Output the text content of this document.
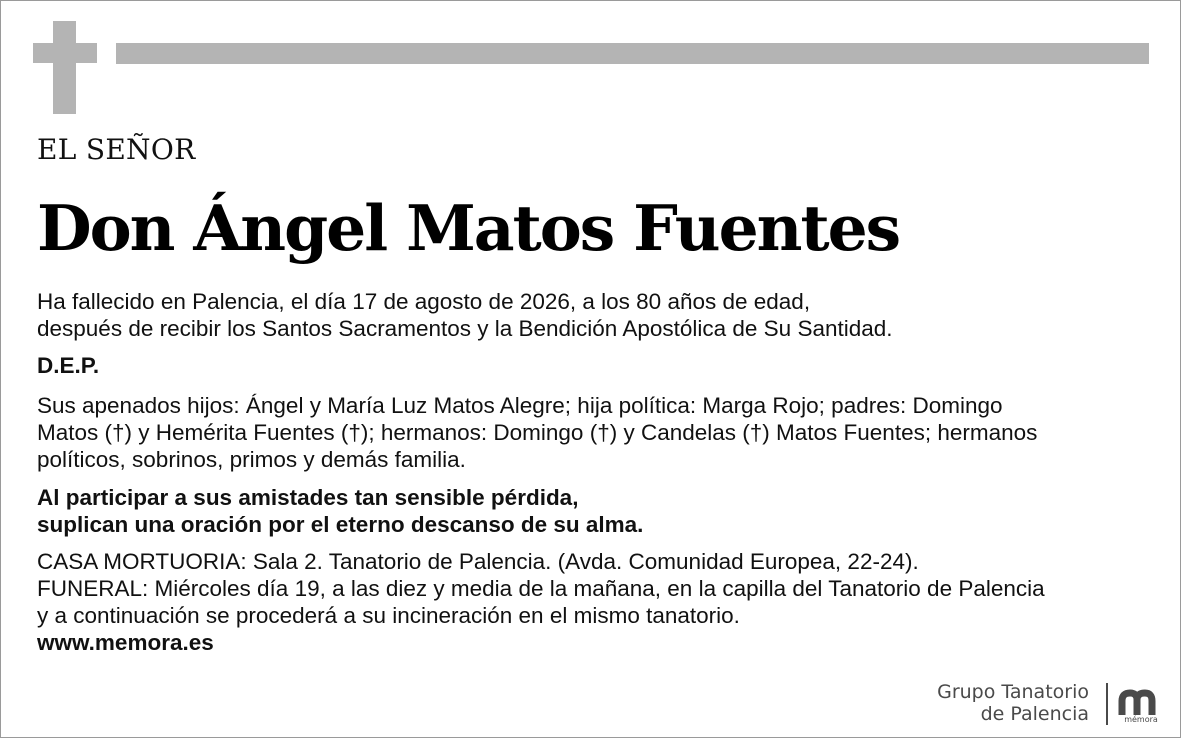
EL SEÑOR
Don Ángel Matos Fuentes
Ha fallecido en Palencia, el día 17 de agosto de 2026, a los 80 años de edad,
después de recibir los Santos Sacramentos y la Bendición Apostólica de Su Santidad.
D.E.P.
Sus apenados hijos: Ángel y María Luz Matos Alegre; hija política: Marga Rojo; padres: Domingo
Matos (†) y Hemérita Fuentes (†); hermanos: Domingo (†) y Candelas (†) Matos Fuentes; hermanos
políticos, sobrinos, primos y demás familia.
Al participar a sus amistades tan sensible pérdida,
suplican una oración por el eterno descanso de su alma.
CASA MORTUORIA: Sala 2. Tanatorio de Palencia. (Avda. Comunidad Europea, 22-24).
FUNERAL: Miércoles día 19, a las diez y media de la mañana, en la capilla del Tanatorio de Palencia
y a continuación se procederá a su incineración en el mismo tanatorio.
www.memora.es
Grupo Tanatorio
de Palencia	mémora
